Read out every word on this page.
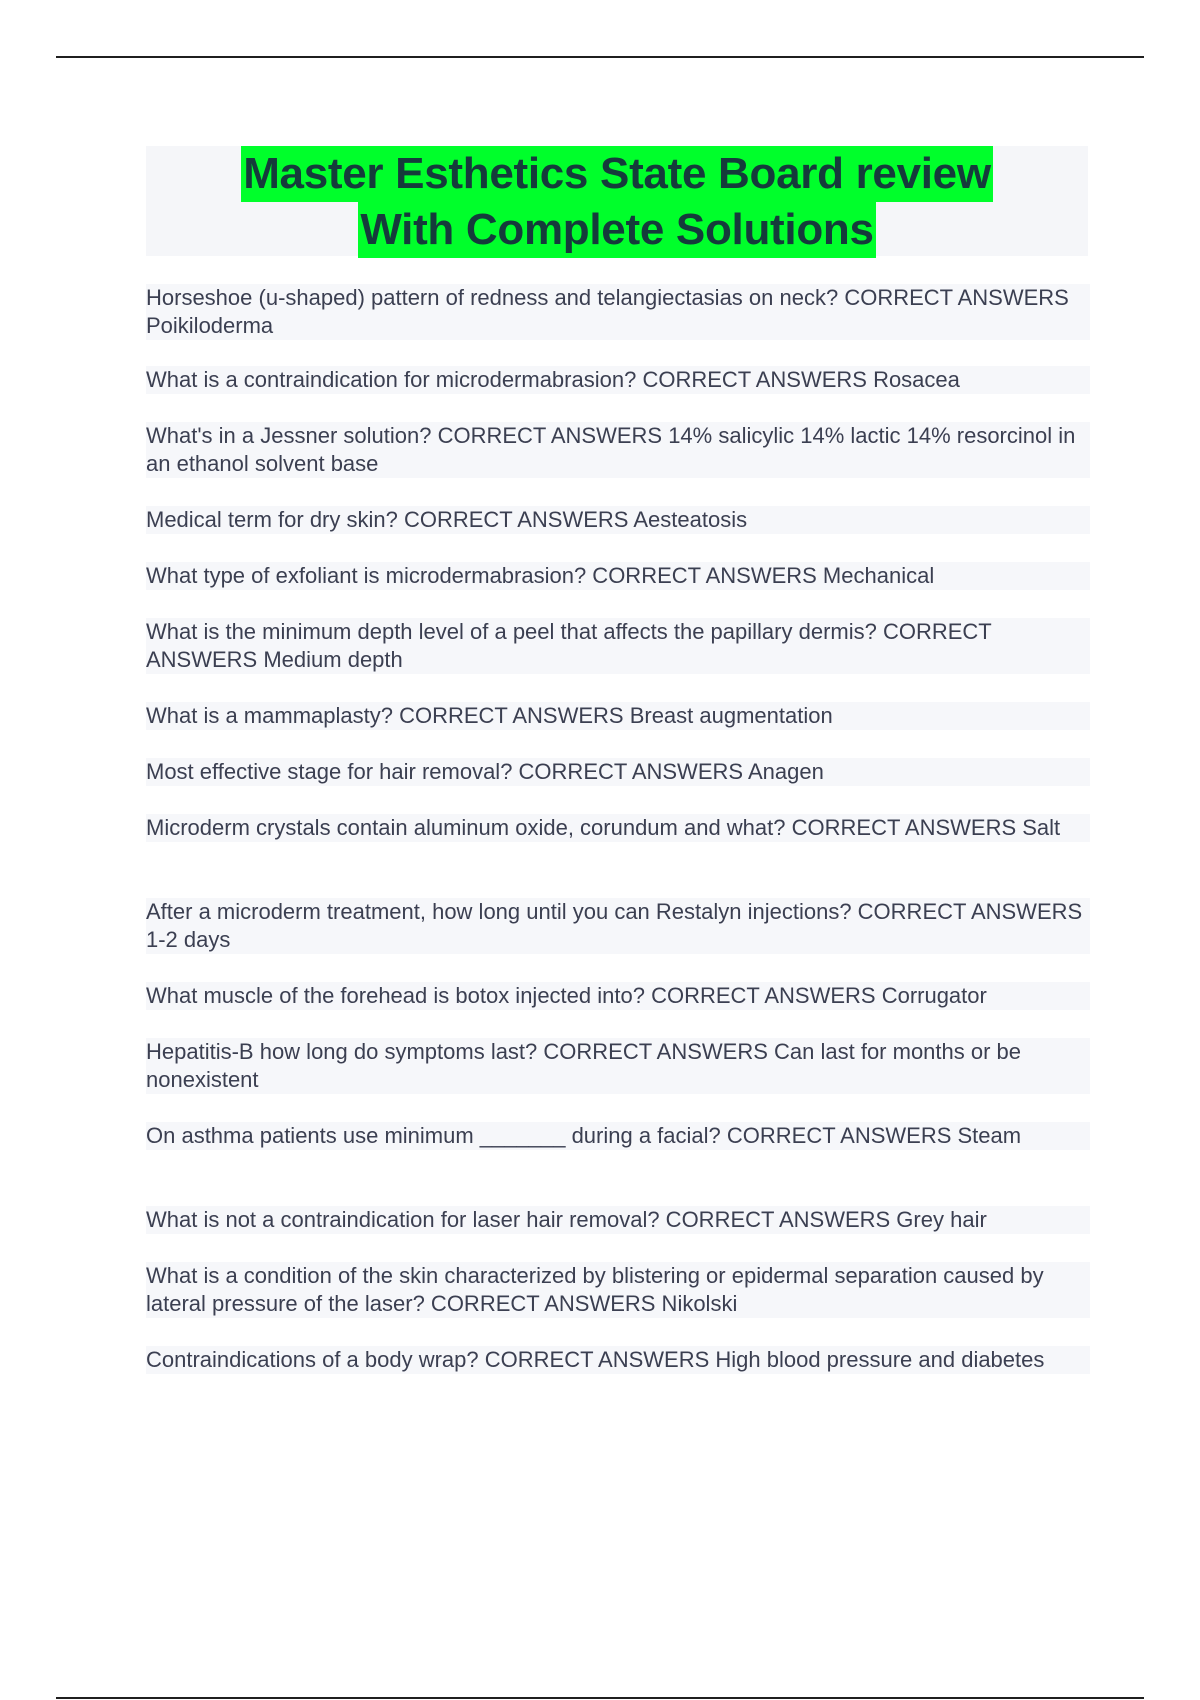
Master Esthetics State Board review
With Complete Solutions
Horseshoe (u-shaped) pattern of redness and telangiectasias on neck? CORRECT ANSWERS Poikiloderma
What is a contraindication for microdermabrasion? CORRECT ANSWERS Rosacea
What's in a Jessner solution? CORRECT ANSWERS 14% salicylic 14% lactic 14% resorcinol in an ethanol solvent base
Medical term for dry skin? CORRECT ANSWERS Aesteatosis
What type of exfoliant is microdermabrasion? CORRECT ANSWERS Mechanical
What is the minimum depth level of a peel that affects the papillary dermis? CORRECT ANSWERS Medium depth
What is a mammaplasty? CORRECT ANSWERS Breast augmentation
Most effective stage for hair removal? CORRECT ANSWERS Anagen
Microderm crystals contain aluminum oxide, corundum and what? CORRECT ANSWERS Salt
After a microderm treatment, how long until you can Restalyn injections? CORRECT ANSWERS 1-2 days
What muscle of the forehead is botox injected into? CORRECT ANSWERS Corrugator
Hepatitis-B how long do symptoms last? CORRECT ANSWERS Can last for months or be nonexistent
On asthma patients use minimum _______ during a facial? CORRECT ANSWERS Steam
What is not a contraindication for laser hair removal? CORRECT ANSWERS Grey hair
What is a condition of the skin characterized by blistering or epidermal separation caused by lateral pressure of the laser? CORRECT ANSWERS Nikolski
Contraindications of a body wrap? CORRECT ANSWERS High blood pressure and diabetes
